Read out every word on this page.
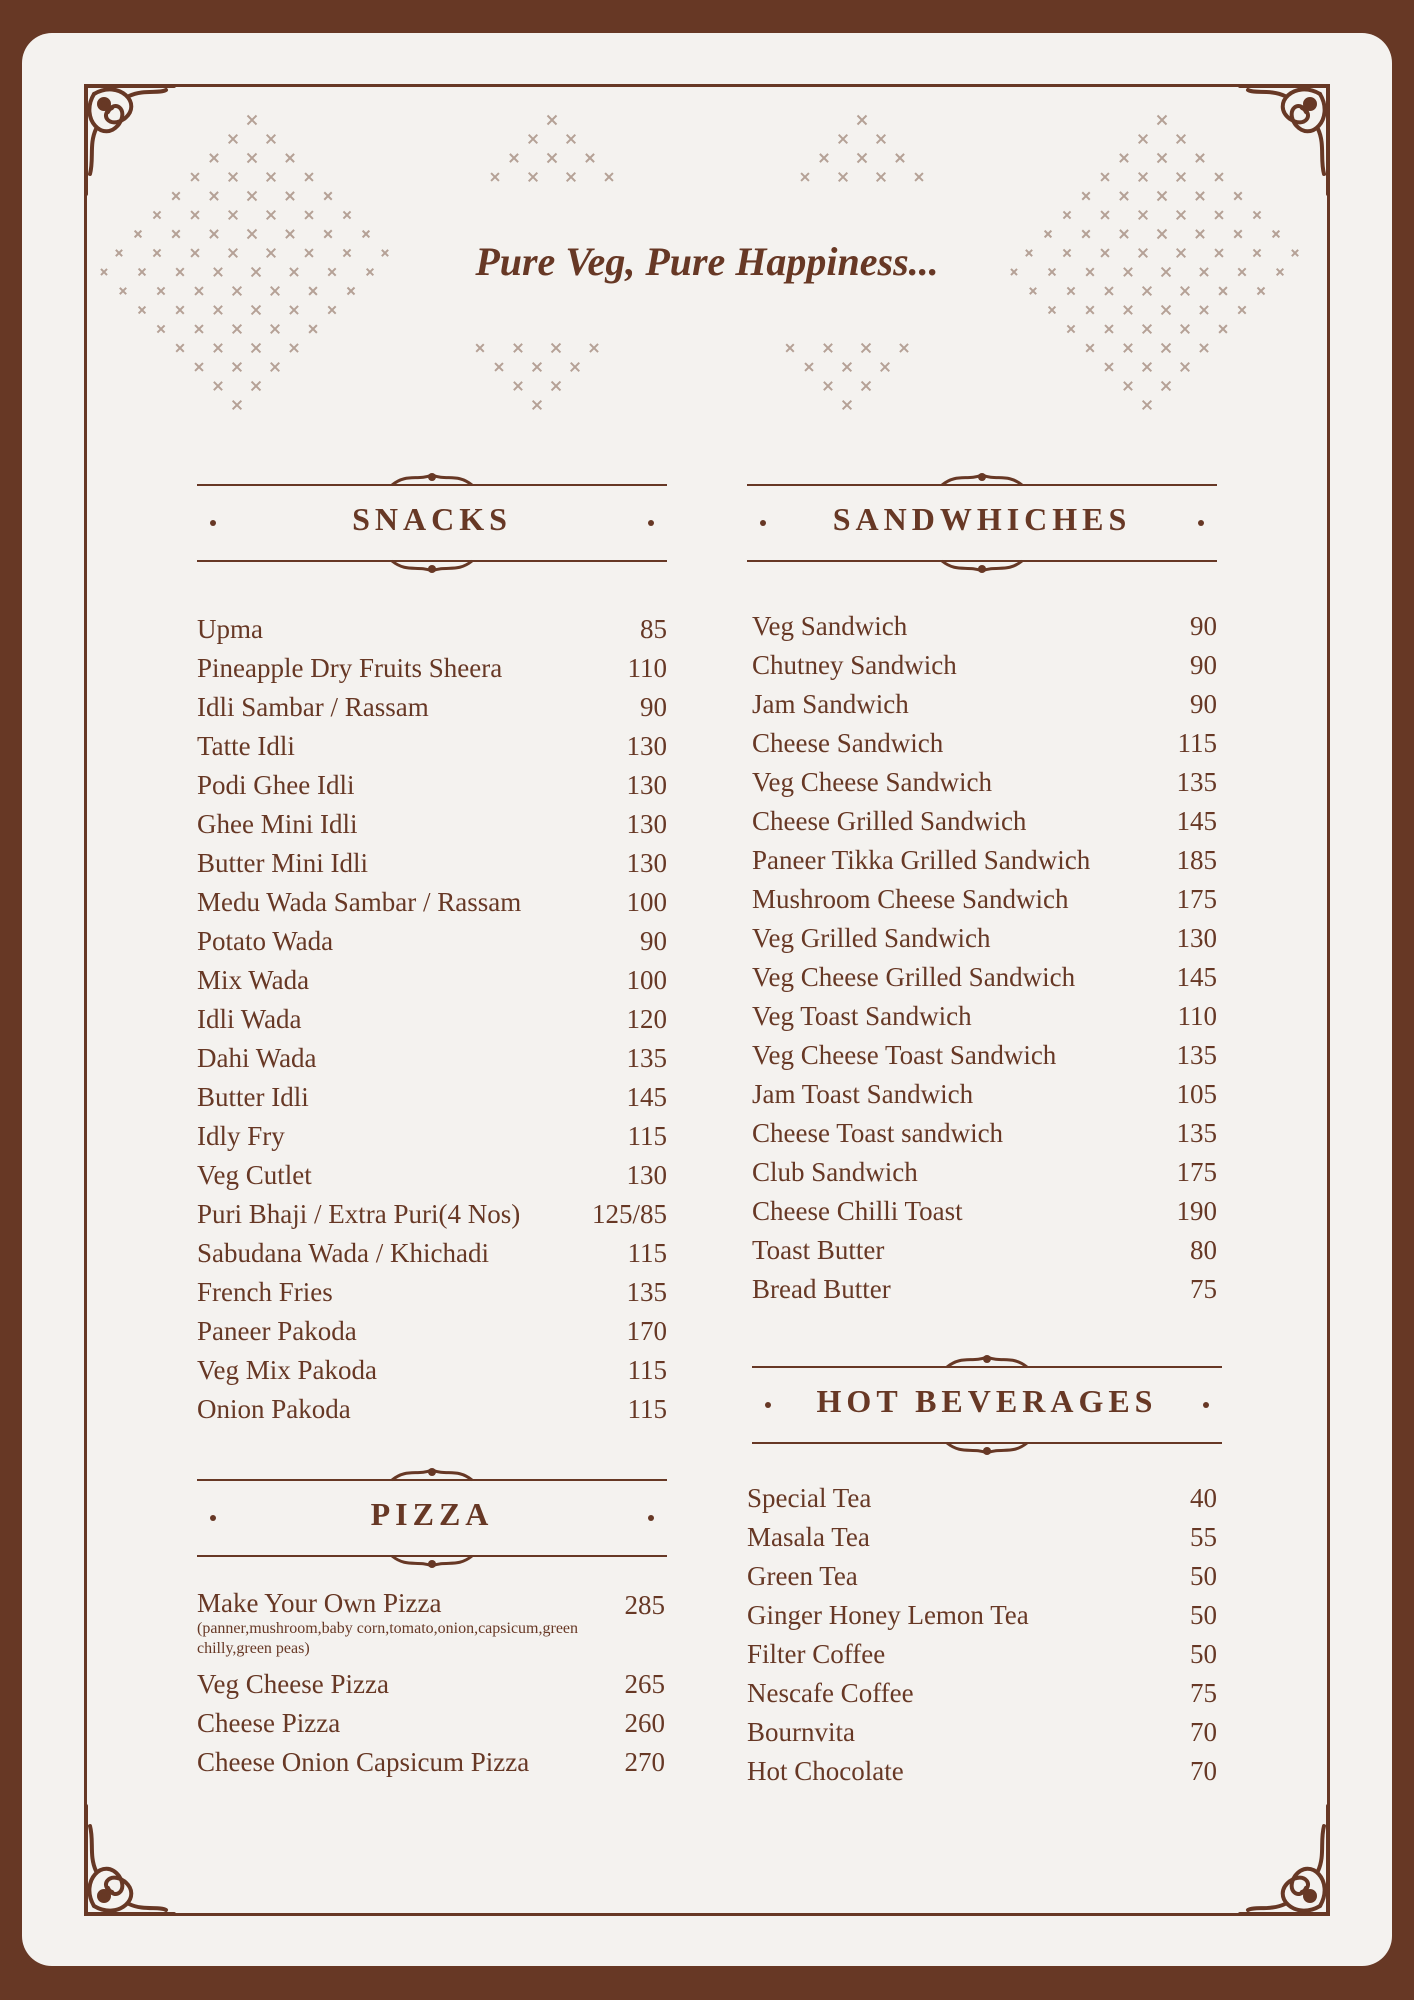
Pure Veg, Pure Happiness...
SNACKS
Upma	85
Pineapple Dry Fruits Sheera	110
Idli Sambar / Rassam	90
Tatte Idli	130
Podi Ghee Idli	130
Ghee Mini Idli	130
Butter Mini Idli	130
Medu Wada Sambar / Rassam	100
Potato Wada	90
Mix Wada	100
Idli Wada	120
Dahi Wada	135
Butter Idli	145
Idly Fry	115
Veg Cutlet	130
Puri Bhaji / Extra Puri(4 Nos)	125/85
Sabudana Wada / Khichadi	115
French Fries	135
Paneer Pakoda	170
Veg Mix Pakoda	115
Onion Pakoda	115
PIZZA
Make Your Own Pizza	285
(panner,mushroom,baby corn,tomato,onion,capsicum,green chilly,green peas)
Veg Cheese Pizza	265
Cheese Pizza	260
Cheese Onion Capsicum Pizza	270
SANDWHICHES
Veg Sandwich	90
Chutney Sandwich	90
Jam Sandwich	90
Cheese Sandwich	115
Veg Cheese Sandwich	135
Cheese Grilled Sandwich	145
Paneer Tikka Grilled Sandwich	185
Mushroom Cheese Sandwich	175
Veg Grilled Sandwich	130
Veg Cheese Grilled Sandwich	145
Veg Toast Sandwich	110
Veg Cheese Toast Sandwich	135
Jam Toast Sandwich	105
Cheese Toast sandwich	135
Club Sandwich	175
Cheese Chilli Toast	190
Toast Butter	80
Bread Butter	75
HOT BEVERAGES
Special Tea	40
Masala Tea	55
Green Tea	50
Ginger Honey Lemon Tea	50
Filter Coffee	50
Nescafe Coffee	75
Bournvita	70
Hot Chocolate	70
